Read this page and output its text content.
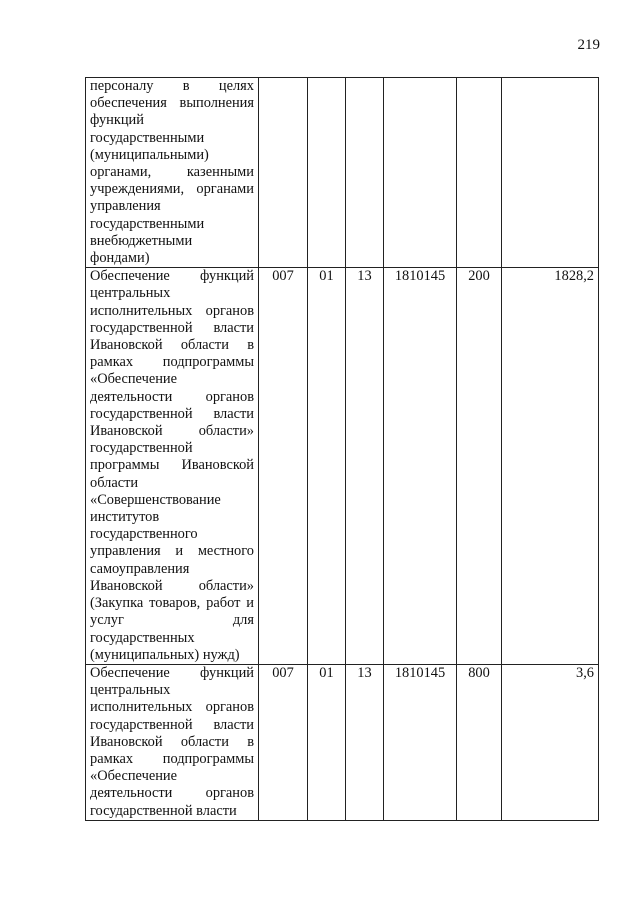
219
персоналу в целях обеспечения выполнения функций государственными (муниципальными) органами, казенными учреждениями, органами управления государственными внебюджетными фондами)						
Обеспечение функций центральных исполнительных органов государственной власти Ивановской области в рамках подпрограммы «Обеспечение деятельности органов государственной власти Ивановской области» государственной программы Ивановской области «Совершенствование институтов государственного управления и местного самоуправления Ивановской области» (Закупка товаров, работ и услуг для государственных (муниципальных) нужд)	007	01	13	1810145	200	1828,2
Обеспечение функций центральных исполнительных органов государственной власти Ивановской области в рамках подпрограммы «Обеспечение деятельности органов государственной власти	007	01	13	1810145	800	3,6
